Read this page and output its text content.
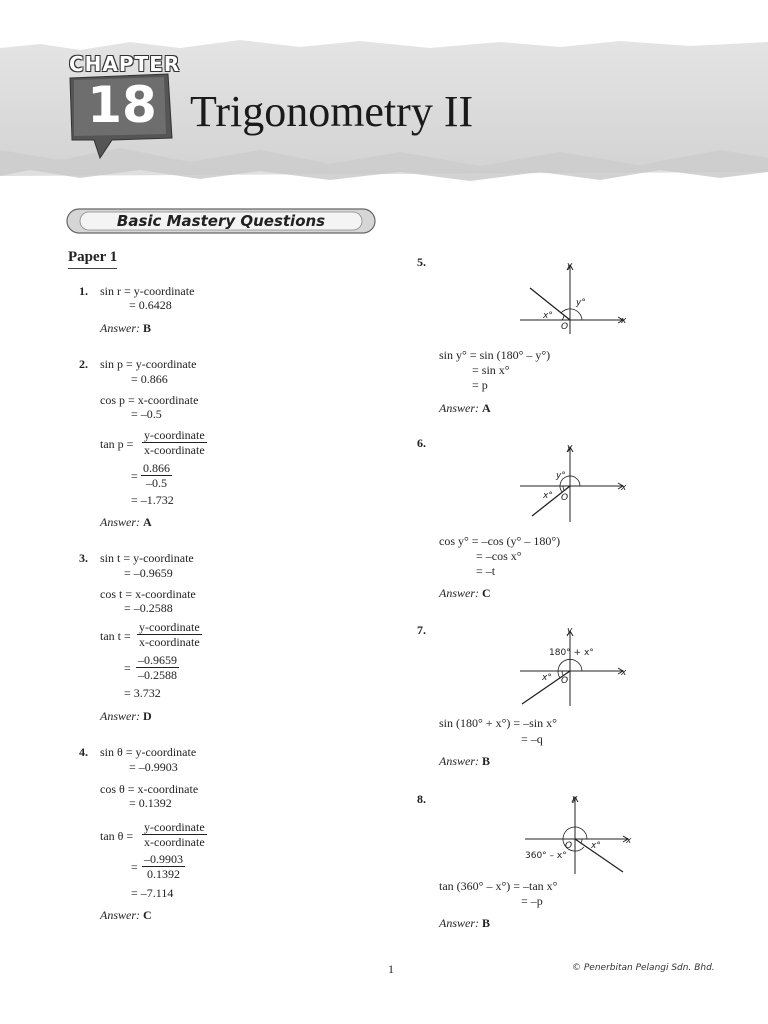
CHAPTER
18 Trigonometry II
Basic Mastery Questions
Paper 1
1. sin r = y-coordinate
= 0.6428
Answer: B
2. sin p = y-coordinate
= 0.866
cos p = x-coordinate
= –0.5
tan p =
y-coordinate
x-coordinate
= $\frac{0.866}{-0.5}$
= –1.732
Answer: A
3. sin t = y-coordinate
= –0.9659
cos t = x-coordinate
= –0.2588
tan t =
y-coordinate
x-coordinate
= $\frac{-0.9659}{-0.2588}$
= 3.732
Answer: D
4. sin θ = y-coordinate
= –0.9903
cos θ = x-coordinate
= 0.1392
tan θ =
y-coordinate
x-coordinate
= $\frac{-0.9903}{0.1392}$
= –7.114
Answer: C
5.	y
x
y°
x°
O
sin y° = sin (180° – y°)
= sin x°
= p
Answer: A
6.	y
x
y°
x° O
cos y° = –cos (y° – 180°)
= –cos x°
= –t
Answer: C
7.	y
x
180° + x°
x° O
sin (180° + x°) = –sin x°
= –q
Answer: B
8.	y
x
360° – x°
x°
O
tan (360° – x°) = –tan x°
= –p
Answer: B
1	© Penerbitan Pelangi Sdn. Bhd.
